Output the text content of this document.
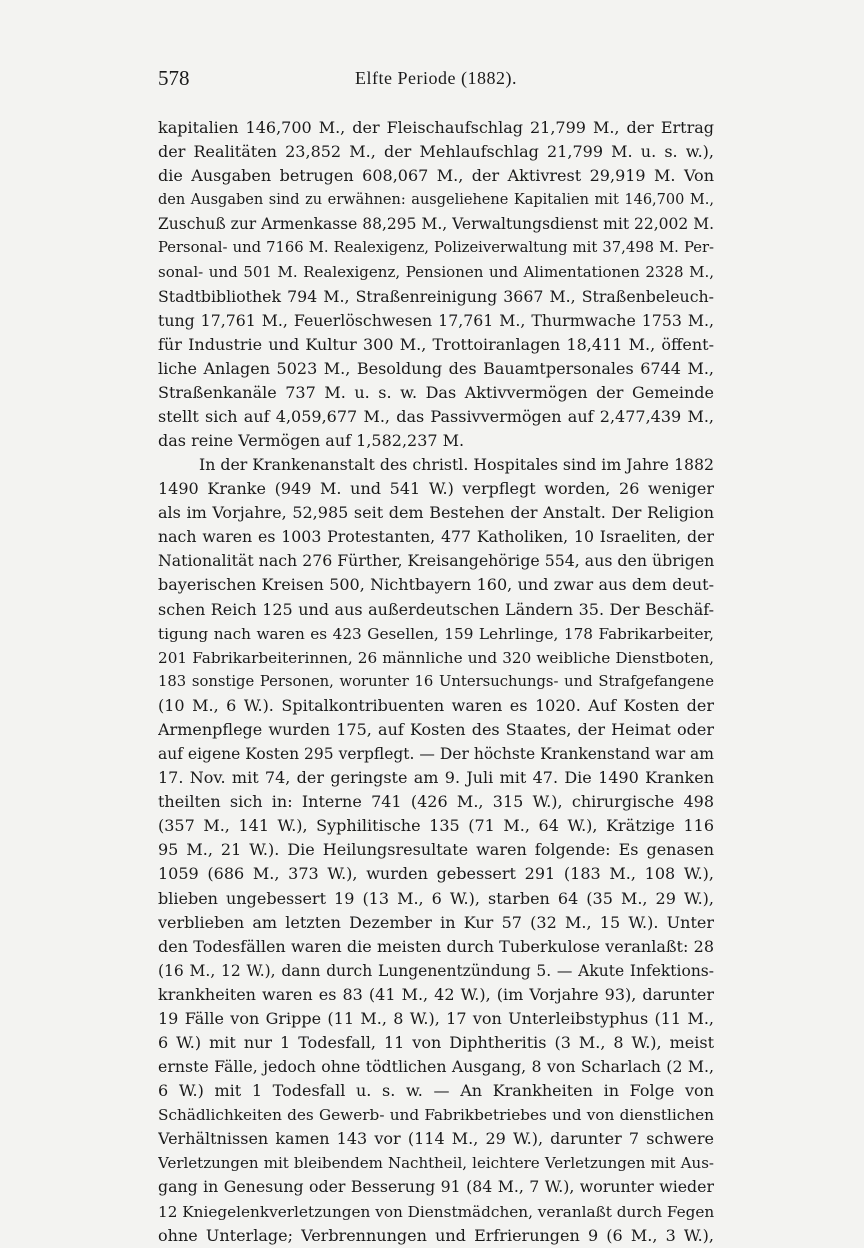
578	Elfte Periode (1882).
kapitalien 146,700 M., der Fleischaufschlag 21,799 M., der Ertrag
der Realitäten 23,852 M., der Mehlaufschlag 21,799 M. u. s. w.),
die Ausgaben betrugen 608,067 M., der Aktivrest 29,919 M. Von
den Ausgaben sind zu erwähnen: ausgeliehene Kapitalien mit 146,700 M.,
Zuschuß zur Armenkasse 88,295 M., Verwaltungsdienst mit 22,002 M.
Personal- und 7166 M. Realexigenz, Polizeiverwaltung mit 37,498 M. Per-
sonal- und 501 M. Realexigenz, Pensionen und Alimentationen 2328 M.,
Stadtbibliothek 794 M., Straßenreinigung 3667 M., Straßenbeleuch-
tung 17,761 M., Feuerlöschwesen 17,761 M., Thurmwache 1753 M.,
für Industrie und Kultur 300 M., Trottoiranlagen 18,411 M., öffent-
liche Anlagen 5023 M., Besoldung des Bauamtpersonales 6744 M.,
Straßenkanäle 737 M. u. s. w. Das Aktivvermögen der Gemeinde
stellt sich auf 4,059,677 M., das Passivvermögen auf 2,477,439 M.,
das reine Vermögen auf 1,582,237 M.
In der Krankenanstalt des christl. Hospitales sind im Jahre 1882
1490 Kranke (949 M. und 541 W.) verpflegt worden, 26 weniger
als im Vorjahre, 52,985 seit dem Bestehen der Anstalt. Der Religion
nach waren es 1003 Protestanten, 477 Katholiken, 10 Israeliten, der
Nationalität nach 276 Fürther, Kreisangehörige 554, aus den übrigen
bayerischen Kreisen 500, Nichtbayern 160, und zwar aus dem deut-
schen Reich 125 und aus außerdeutschen Ländern 35. Der Beschäf-
tigung nach waren es 423 Gesellen, 159 Lehrlinge, 178 Fabrikarbeiter,
201 Fabrikarbeiterinnen, 26 männliche und 320 weibliche Dienstboten,
183 sonstige Personen, worunter 16 Untersuchungs- und Strafgefangene
(10 M., 6 W.). Spitalkontribuenten waren es 1020. Auf Kosten der
Armenpflege wurden 175, auf Kosten des Staates, der Heimat oder
auf eigene Kosten 295 verpflegt. — Der höchste Krankenstand war am
17. Nov. mit 74, der geringste am 9. Juli mit 47. Die 1490 Kranken
theilten sich in: Interne 741 (426 M., 315 W.), chirurgische 498
(357 M., 141 W.), Syphilitische 135 (71 M., 64 W.), Krätzige 116
95 M., 21 W.). Die Heilungsresultate waren folgende: Es genasen
1059 (686 M., 373 W.), wurden gebessert 291 (183 M., 108 W.),
blieben ungebessert 19 (13 M., 6 W.), starben 64 (35 M., 29 W.),
verblieben am letzten Dezember in Kur 57 (32 M., 15 W.). Unter
den Todesfällen waren die meisten durch Tuberkulose veranlaßt: 28
(16 M., 12 W.), dann durch Lungenentzündung 5. — Akute Infektions-
krankheiten waren es 83 (41 M., 42 W.), (im Vorjahre 93), darunter
19 Fälle von Grippe (11 M., 8 W.), 17 von Unterleibstyphus (11 M.,
6 W.) mit nur 1 Todesfall, 11 von Diphtheritis (3 M., 8 W.), meist
ernste Fälle, jedoch ohne tödtlichen Ausgang, 8 von Scharlach (2 M.,
6 W.) mit 1 Todesfall u. s. w. — An Krankheiten in Folge von
Schädlichkeiten des Gewerb- und Fabrikbetriebes und von dienstlichen
Verhältnissen kamen 143 vor (114 M., 29 W.), darunter 7 schwere
Verletzungen mit bleibendem Nachtheil, leichtere Verletzungen mit Aus-
gang in Genesung oder Besserung 91 (84 M., 7 W.), worunter wieder
12 Kniegelenkverletzungen von Dienstmädchen, veranlaßt durch Fegen
ohne Unterlage; Verbrennungen und Erfrierungen 9 (6 M., 3 W.),
